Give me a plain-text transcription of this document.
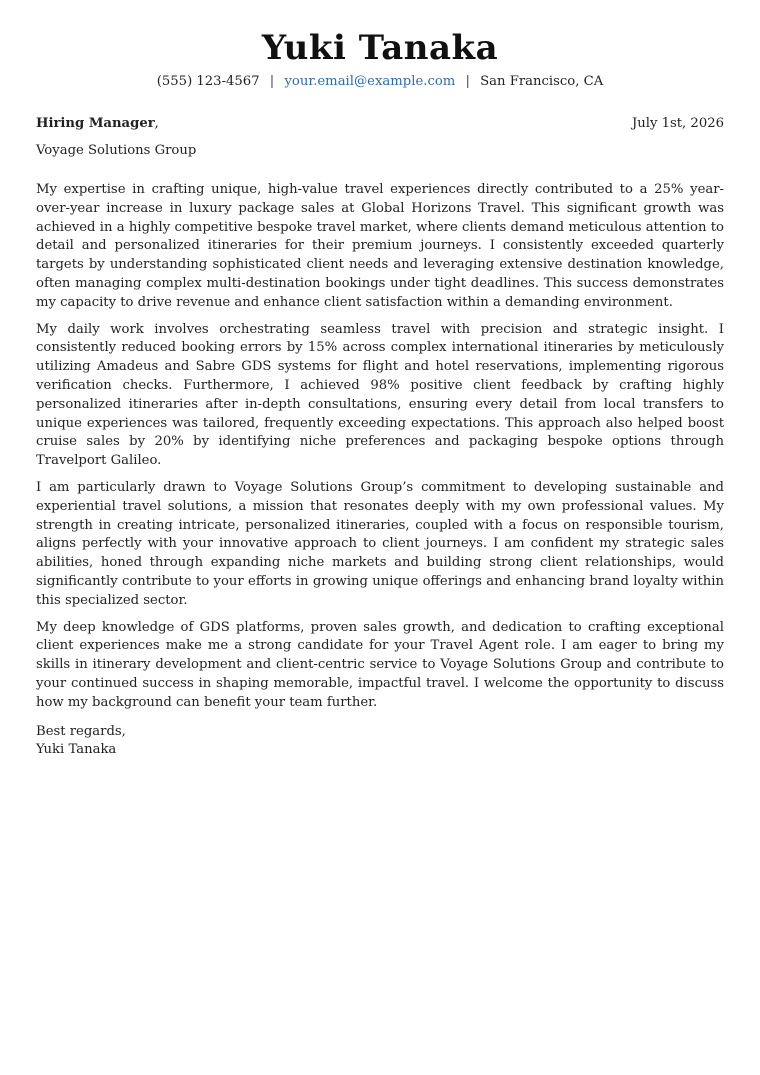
Yuki Tanaka
(555) 123-4567 | your.email@example.com | San Francisco, CA
Hiring Manager,	July 1st, 2026
Voyage Solutions Group

My expertise in crafting unique, high-value travel experiences directly contributed to a 25% year-over-year increase in luxury package sales at Global Horizons Travel. This significant growth was achieved in a highly competitive bespoke travel market, where clients demand meticulous attention to detail and personalized itineraries for their premium journeys. I consistently exceeded quarterly targets by understanding sophisticated client needs and leveraging extensive destination knowledge, often managing complex multi-destination bookings under tight deadlines. This success demonstrates my capacity to drive revenue and enhance client satisfaction within a demanding environment.

My daily work involves orchestrating seamless travel with precision and strategic insight. I consistently reduced booking errors by 15% across complex international itineraries by meticulously utilizing Amadeus and Sabre GDS systems for flight and hotel reservations, implementing rigorous verification checks. Furthermore, I achieved 98% positive client feedback by crafting highly personalized itineraries after in-depth consultations, ensuring every detail from local transfers to unique experiences was tailored, frequently exceeding expectations. This approach also helped boost cruise sales by 20% by identifying niche preferences and packaging bespoke options through Travelport Galileo.

I am particularly drawn to Voyage Solutions Group’s commitment to developing sustainable and experiential travel solutions, a mission that resonates deeply with my own professional values. My strength in creating intricate, personalized itineraries, coupled with a focus on responsible tourism, aligns perfectly with your innovative approach to client journeys. I am confident my strategic sales abilities, honed through expanding niche markets and building strong client relationships, would significantly contribute to your efforts in growing unique offerings and enhancing brand loyalty within this specialized sector.

My deep knowledge of GDS platforms, proven sales growth, and dedication to crafting exceptional client experiences make me a strong candidate for your Travel Agent role. I am eager to bring my skills in itinerary development and client-centric service to Voyage Solutions Group and contribute to your continued success in shaping memorable, impactful travel. I welcome the opportunity to discuss how my background can benefit your team further.

Best regards,
Yuki Tanaka
